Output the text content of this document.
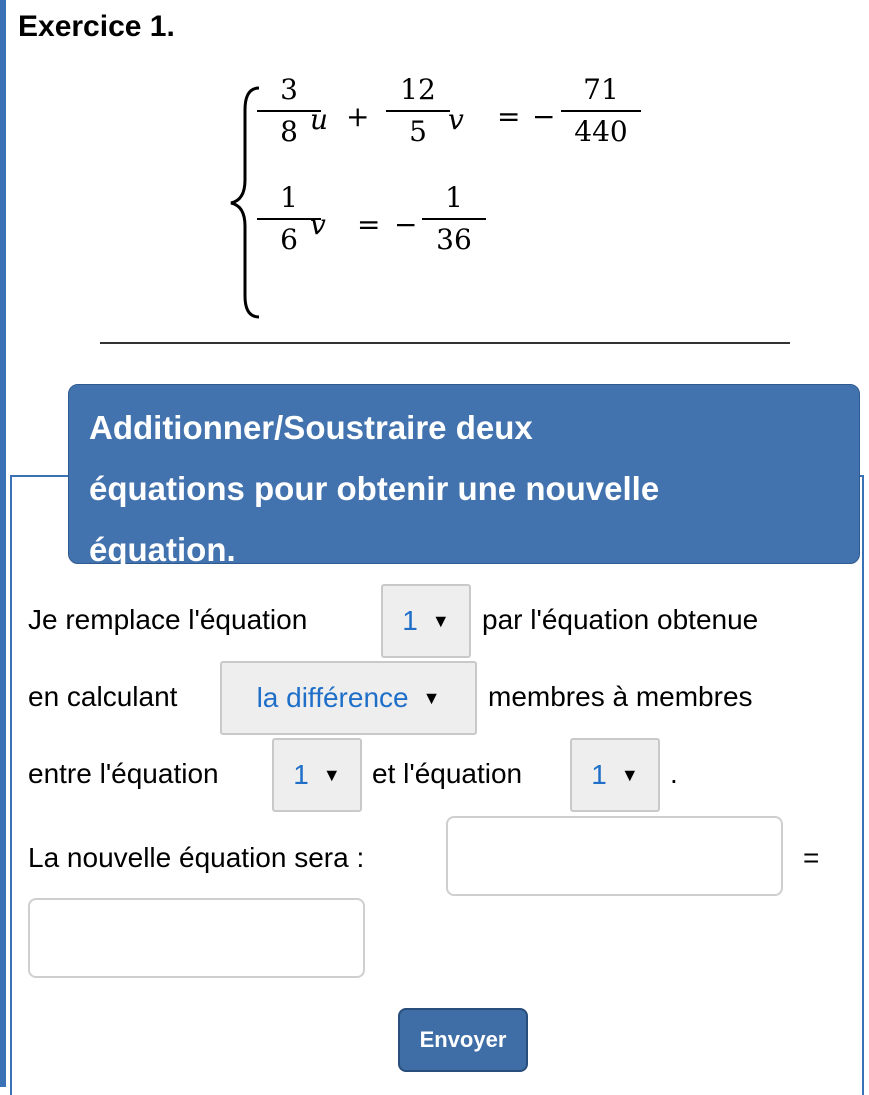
Exercice 1.
3
8 u +
12
5 v = −
71
440
1
6 v = −
1
36
Additionner/Soustraire deux
équations pour obtenir une nouvelle
équation.
Je remplace l'équation	1 ▼ par l'équation obtenue
en calculant	la différence ▼ membres à membres
entre l'équation	1 ▼ et l'équation 1 ▼ .
La nouvelle équation sera :	=
Envoyer
